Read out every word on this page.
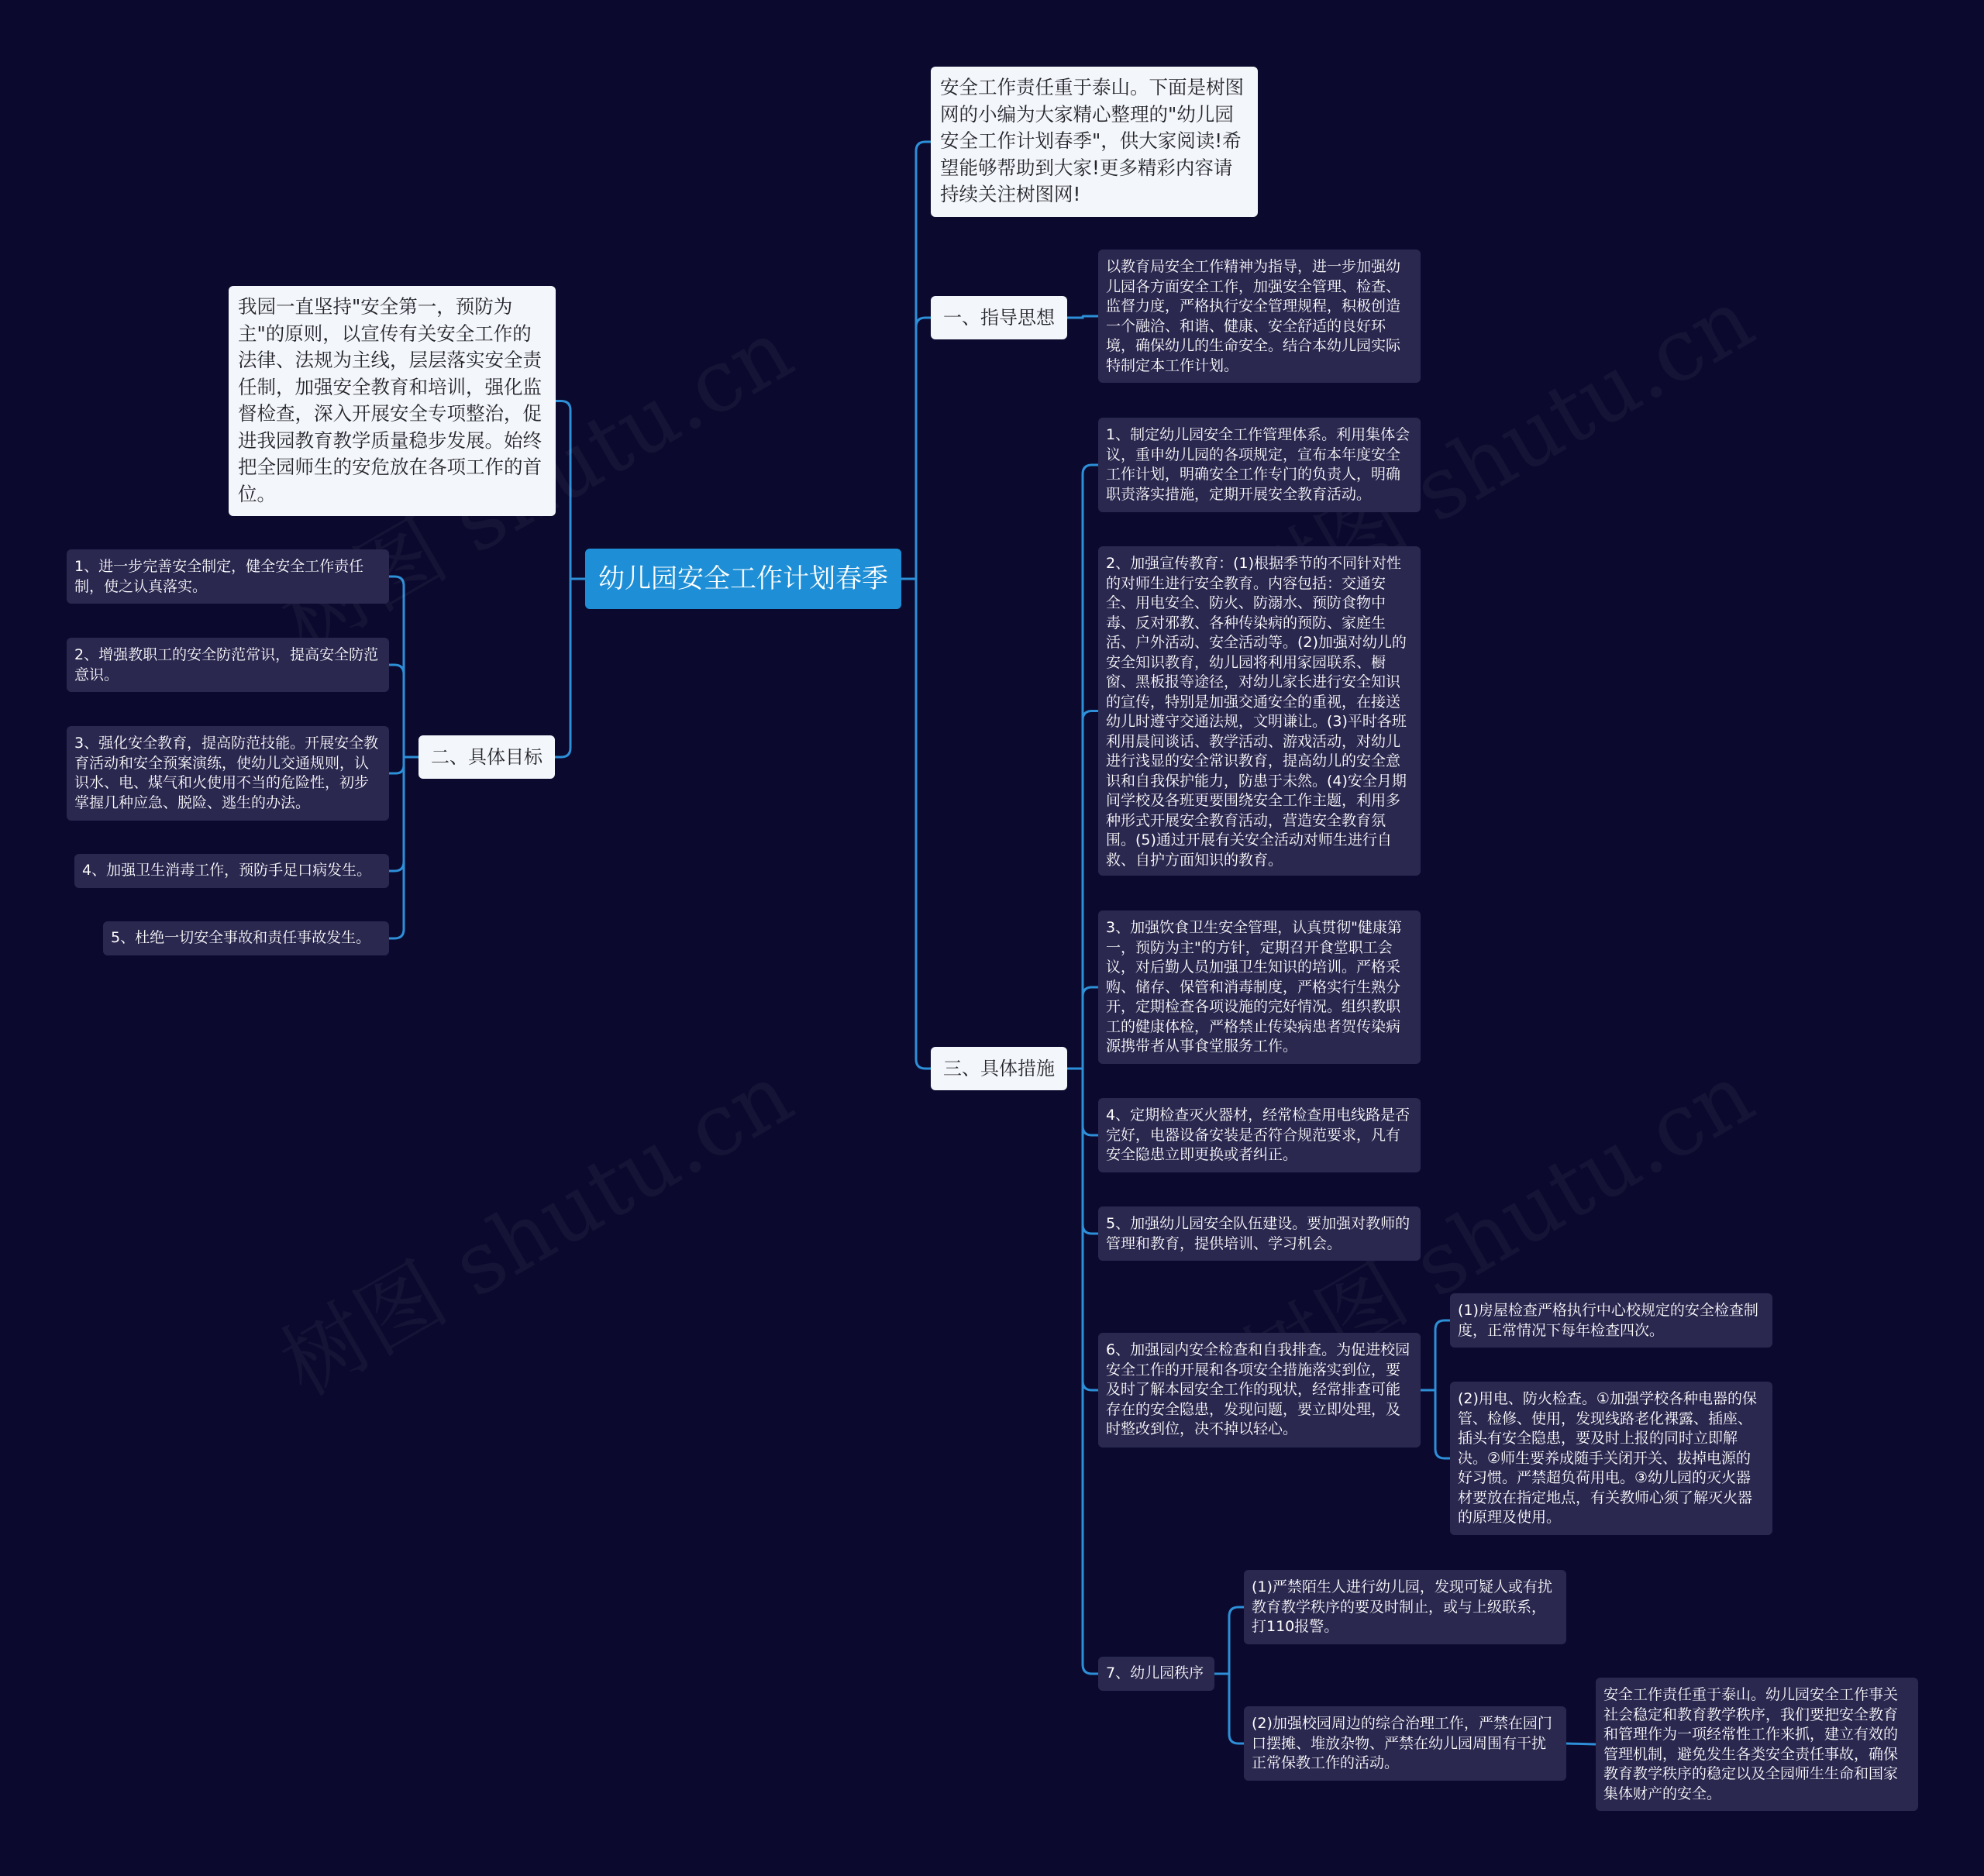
幼儿园安全工作计划春季
安全工作责任重于泰山。下面是树图网的小编为大家精心整理的"幼儿园安全工作计划春季"，供大家阅读!希望能够帮助到大家!更多精彩内容请持续关注树图网!
一、指导思想
以教育局安全工作精神为指导，进一步加强幼儿园各方面安全工作，加强安全管理、检查、监督力度，严格执行安全管理规程，积极创造一个融洽、和谐、健康、安全舒适的良好环境，确保幼儿的生命安全。结合本幼儿园实际特制定本工作计划。
三、具体措施
1、制定幼儿园安全工作管理体系。利用集体会议，重申幼儿园的各项规定，宣布本年度安全工作计划，明确安全工作专门的负责人，明确职责落实措施，定期开展安全教育活动。
2、加强宣传教育：(1)根据季节的不同针对性的对师生进行安全教育。内容包括：交通安全、用电安全、防火、防溺水、预防食物中毒、反对邪教、各种传染病的预防、家庭生活、户外活动、安全活动等。(2)加强对幼儿的安全知识教育，幼儿园将利用家园联系、橱窗、黑板报等途径，对幼儿家长进行安全知识的宣传，特别是加强交通安全的重视，在接送幼儿时遵守交通法规，文明谦让。(3)平时各班利用晨间谈话、教学活动、游戏活动，对幼儿进行浅显的安全常识教育，提高幼儿的安全意识和自我保护能力，防患于未然。(4)安全月期间学校及各班更要围绕安全工作主题，利用多种形式开展安全教育活动，营造安全教育氛围。(5)通过开展有关安全活动对师生进行自救、自护方面知识的教育。
3、加强饮食卫生安全管理，认真贯彻"健康第一，预防为主"的方针，定期召开食堂职工会议，对后勤人员加强卫生知识的培训。严格采购、储存、保管和消毒制度，严格实行生熟分开，定期检查各项设施的完好情况。组织教职工的健康体检，严格禁止传染病患者贺传染病源携带者从事食堂服务工作。
4、定期检查灭火器材，经常检查用电线路是否完好，电器设备安装是否符合规范要求，凡有安全隐患立即更换或者纠正。
5、加强幼儿园安全队伍建设。要加强对教师的管理和教育，提供培训、学习机会。
6、加强园内安全检查和自我排查。为促进校园安全工作的开展和各项安全措施落实到位，要及时了解本园安全工作的现状，经常排查可能存在的安全隐患，发现问题，要立即处理，及时整改到位，决不掉以轻心。
7、幼儿园秩序
(1)房屋检查严格执行中心校规定的安全检查制度，正常情况下每年检查四次。
(2)用电、防火检查。①加强学校各种电器的保管、检修、使用，发现线路老化裸露、插座、插头有安全隐患，要及时上报的同时立即解决。②师生要养成随手关闭开关、拔掉电源的好习惯。严禁超负荷用电。③幼儿园的灭火器材要放在指定地点，有关教师心须了解灭火器的原理及使用。
(1)严禁陌生人进行幼儿园，发现可疑人或有扰教育教学秩序的要及时制止，或与上级联系，打110报警。
(2)加强校园周边的综合治理工作，严禁在园门口摆摊、堆放杂物、严禁在幼儿园周围有干扰正常保教工作的活动。
安全工作责任重于泰山。幼儿园安全工作事关社会稳定和教育教学秩序，我们要把安全教育和管理作为一项经常性工作来抓，建立有效的管理机制，避免发生各类安全责任事故，确保教育教学秩序的稳定以及全园师生生命和国家集体财产的安全。
我园一直坚持"安全第一，预防为主"的原则，以宣传有关安全工作的法律、法规为主线，层层落实安全责任制，加强安全教育和培训，强化监督检查，深入开展安全专项整治，促进我园教育教学质量稳步发展。始终把全园师生的安危放在各项工作的首位。
二、具体目标
1、进一步完善安全制定，健全安全工作责任制，使之认真落实。
2、增强教职工的安全防范常识，提高安全防范意识。
3、强化安全教育，提高防范技能。开展安全教育活动和安全预案演练，使幼儿交通规则，认识水、电、煤气和火使用不当的危险性，初步掌握几种应急、脱险、逃生的办法。
4、加强卫生消毒工作，预防手足口病发生。
5、杜绝一切安全事故和责任事故发生。
